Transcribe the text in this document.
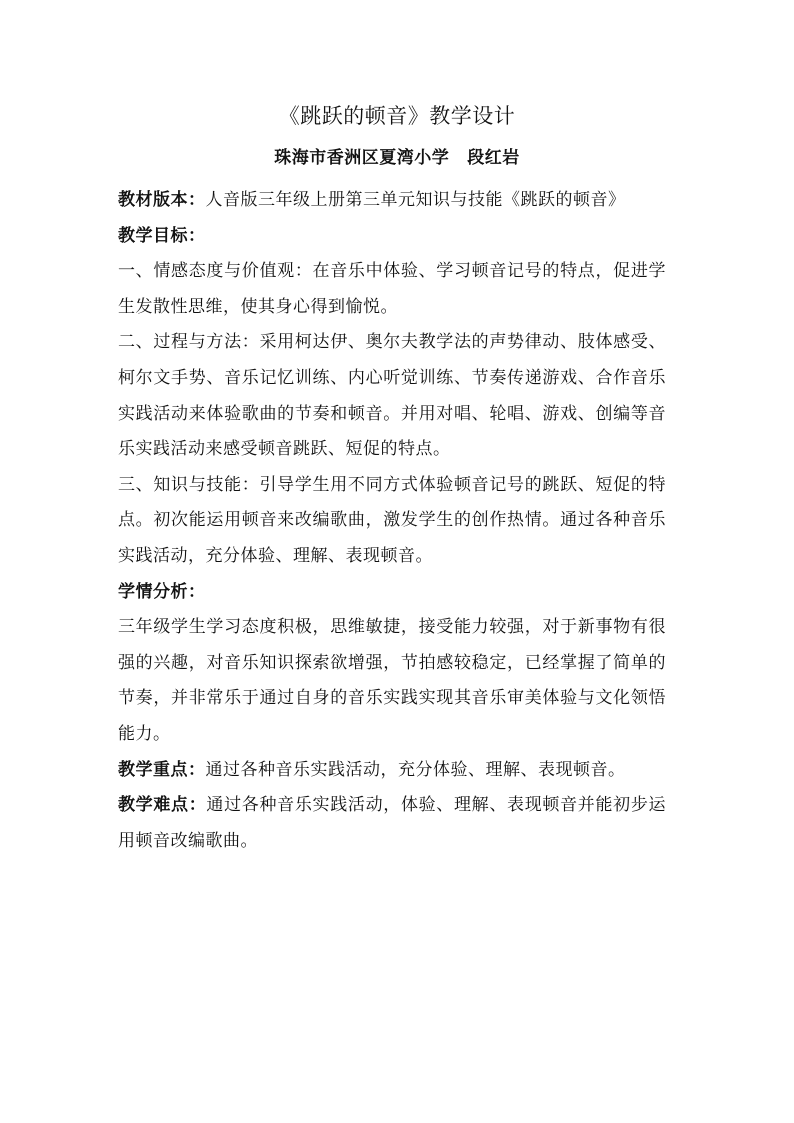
《跳跃的顿音》教学设计
珠海市香洲区夏湾小学 段红岩

教材版本：人音版三年级上册第三单元知识与技能《跳跃的顿音》

教学目标：

一、情感态度与价值观：在音乐中体验、学习顿音记号的特点，促进学生发散性思维，使其身心得到愉悦。

二、过程与方法：采用柯达伊、奥尔夫教学法的声势律动、肢体感受、柯尔文手势、音乐记忆训练、内心听觉训练、节奏传递游戏、合作音乐实践活动来体验歌曲的节奏和顿音。并用对唱、轮唱、游戏、创编等音乐实践活动来感受顿音跳跃、短促的特点。

三、知识与技能：引导学生用不同方式体验顿音记号的跳跃、短促的特点。初次能运用顿音来改编歌曲，激发学生的创作热情。通过各种音乐实践活动，充分体验、理解、表现顿音。

学情分析：

三年级学生学习态度积极，思维敏捷，接受能力较强，对于新事物有很强的兴趣，对音乐知识探索欲增强，节拍感较稳定，已经掌握了简单的节奏，并非常乐于通过自身的音乐实践实现其音乐审美体验与文化领悟能力。

教学重点：通过各种音乐实践活动，充分体验、理解、表现顿音。

教学难点：通过各种音乐实践活动，体验、理解、表现顿音并能初步运用顿音改编歌曲。
